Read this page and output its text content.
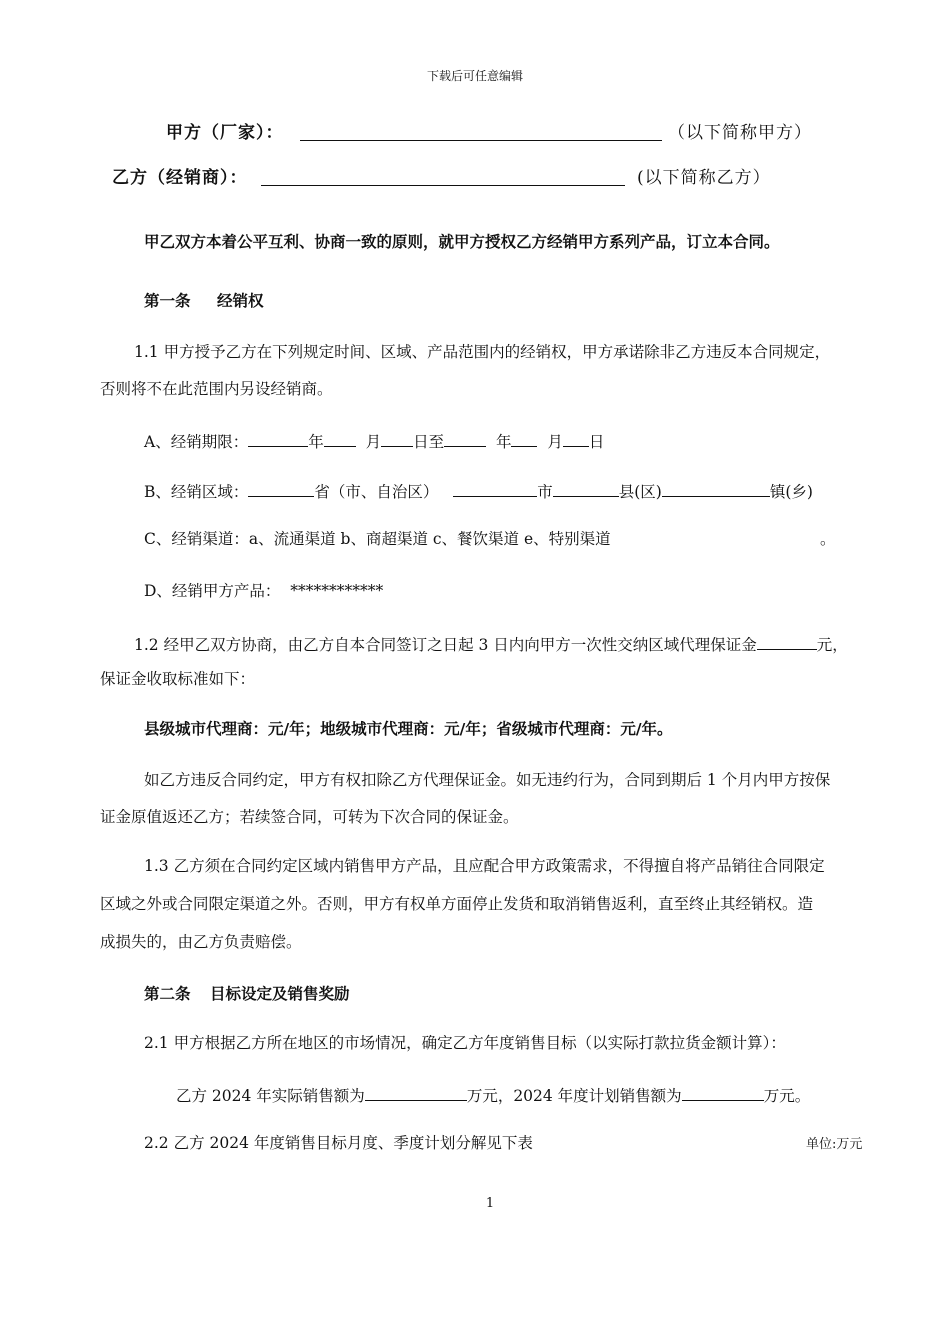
下载后可任意编辑
甲方（厂家）：	（以下简称甲方）
乙方（经销商）：	(以下简称乙方）
甲乙双方本着公平互利、协商一致的原则，就甲方授权乙方经销甲方系列产品，订立本合同。
第一条 经销权
1.1 甲方授予乙方在下列规定时间、区域、产品范围内的经销权，甲方承诺除非乙方违反本合同规定，
否则将不在此范围内另设经销商。
A、经销期限：	年	月 日至	年 月 日
B、经销区域：	省（市、自治区）	市	县(区)	镇(乡)
C、经销渠道：a、流通渠道 b、商超渠道 c、餐饮渠道 e、特别渠道	。
D、经销甲方产品： ************
1.2 经甲乙双方协商，由乙方自本合同签订之日起 3 日内向甲方一次性交纳区域代理保证金	元，
保证金收取标准如下：
县级城市代理商：元/年；地级城市代理商：元/年；省级城市代理商：元/年。
如乙方违反合同约定，甲方有权扣除乙方代理保证金。如无违约行为，合同到期后 1 个月内甲方按保
证金原值返还乙方；若续签合同，可转为下次合同的保证金。
1.3 乙方须在合同约定区域内销售甲方产品，且应配合甲方政策需求，不得擅自将产品销往合同限定
区域之外或合同限定渠道之外。否则，甲方有权单方面停止发货和取消销售返利，直至终止其经销权。造
成损失的，由乙方负责赔偿。
第二条 目标设定及销售奖励
2.1 甲方根据乙方所在地区的市场情况，确定乙方年度销售目标（以实际打款拉货金额计算）：
乙方 2024 年实际销售额为	万元，2024 年度计划销售额为	万元。
2.2 乙方 2024 年度销售目标月度、季度计划分解见下表	单位:万元
1
